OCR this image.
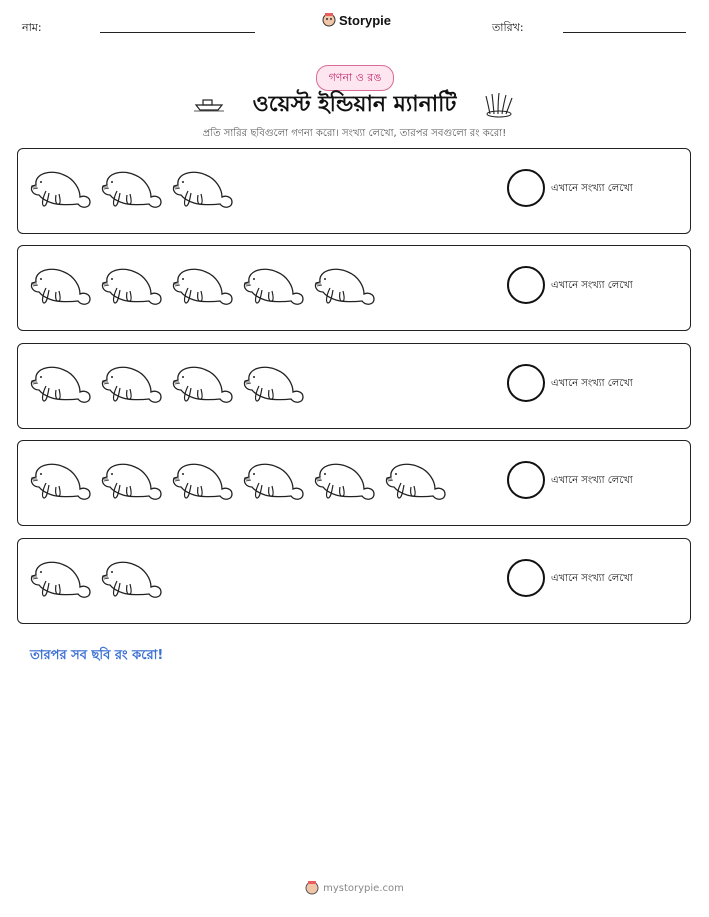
নাম:	Storypie	তারিখ:
গণনা ও রঙ
ওয়েস্ট ইন্ডিয়ান ম্যানাটি
প্রতি সারির ছবিগুলো গণনা করো। সংখ্যা লেখো, তারপর সবগুলো রং করো!
এখানে সংখ্যা লেখো
এখানে সংখ্যা লেখো
এখানে সংখ্যা লেখো
এখানে সংখ্যা লেখো
এখানে সংখ্যা লেখো
তারপর সব ছবি রং করো!
mystorypie.com
